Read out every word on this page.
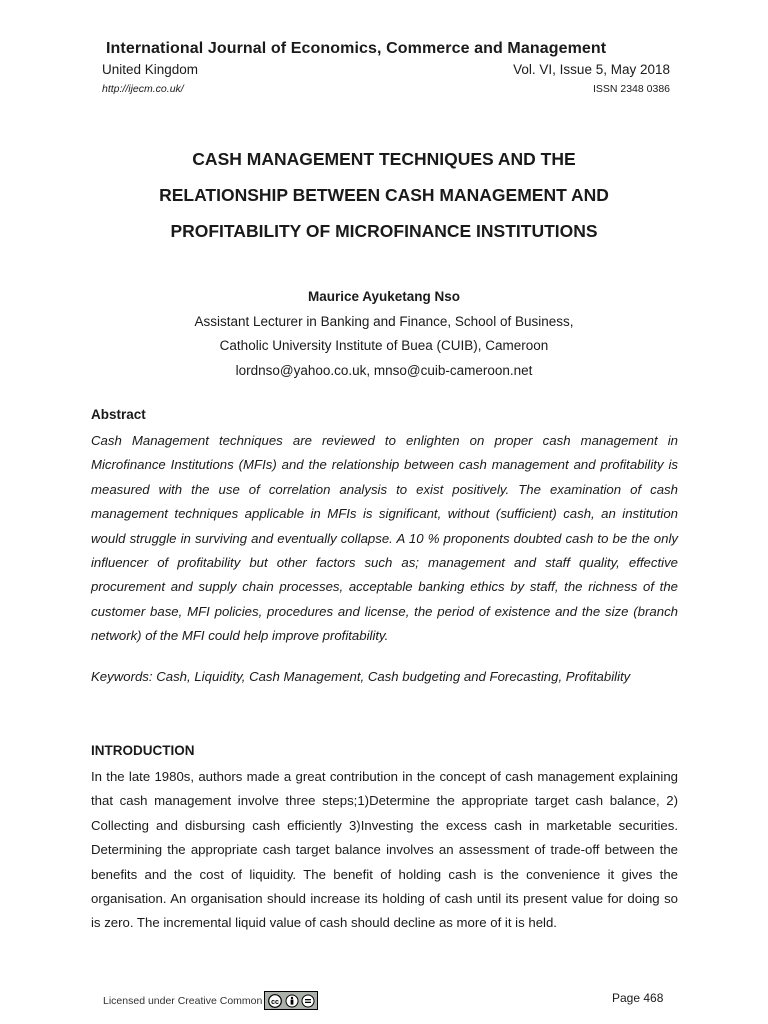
International Journal of Economics, Commerce and Management
United Kingdom	Vol. VI, Issue 5, May 2018
http://ijecm.co.uk/	ISSN 2348 0386
CASH MANAGEMENT TECHNIQUES AND THE
RELATIONSHIP BETWEEN CASH MANAGEMENT AND
PROFITABILITY OF MICROFINANCE INSTITUTIONS
Maurice Ayuketang Nso
Assistant Lecturer in Banking and Finance, School of Business,
Catholic University Institute of Buea (CUIB), Cameroon
lordnso@yahoo.co.uk, mnso@cuib-cameroon.net
Abstract
Cash Management techniques are reviewed to enlighten on proper cash management in Microfinance Institutions (MFIs) and the relationship between cash management and profitability is measured with the use of correlation analysis to exist positively. The examination of cash management techniques applicable in MFIs is significant, without (sufficient) cash, an institution would struggle in surviving and eventually collapse. A 10 % proponents doubted cash to be the only influencer of profitability but other factors such as; management and staff quality, effective procurement and supply chain processes, acceptable banking ethics by staff, the richness of the customer base, MFI policies, procedures and license, the period of existence and the size (branch network) of the MFI could help improve profitability.
Keywords: Cash, Liquidity, Cash Management, Cash budgeting and Forecasting, Profitability
INTRODUCTION
In the late 1980s, authors made a great contribution in the concept of cash management explaining that cash management involve three steps;1)Determine the appropriate target cash balance, 2) Collecting and disbursing cash efficiently 3)Investing the excess cash in marketable securities. Determining the appropriate cash target balance involves an assessment of trade-off between the benefits and the cost of liquidity. The benefit of holding cash is the convenience it gives the organisation. An organisation should increase its holding of cash until its present value for doing so is zero. The incremental liquid value of cash should decline as more of it is held.
Licensed under Creative Common cc	Page 468
